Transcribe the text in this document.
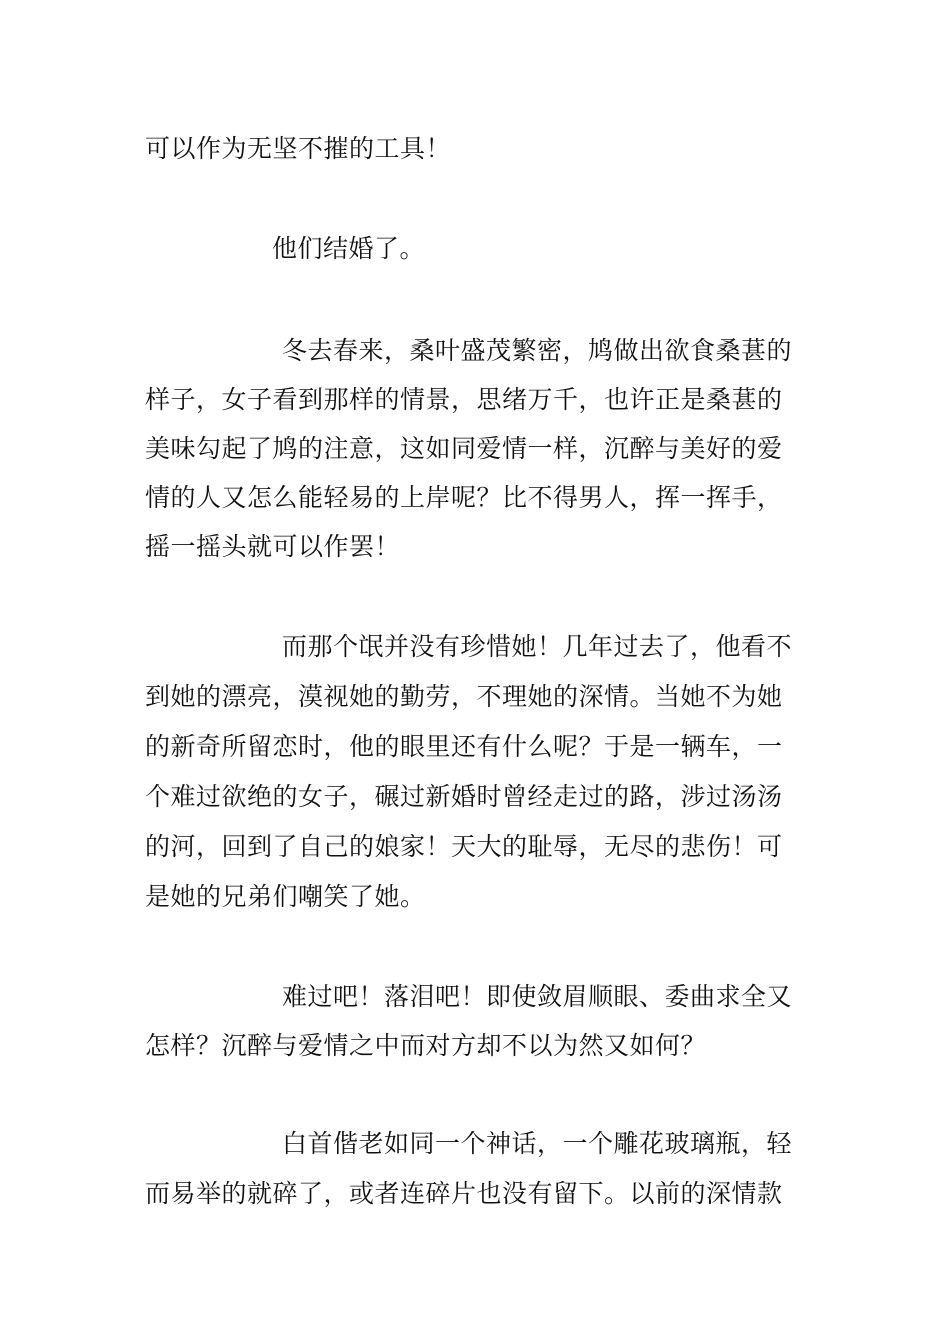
可以作为无坚不摧的工具！
他们结婚了。
冬去春来，桑叶盛茂繁密，鸠做出欲食桑葚的
样子，女子看到那样的情景，思绪万千，也许正是桑葚的
美味勾起了鸠的注意，这如同爱情一样，沉醉与美好的爱
情的人又怎么能轻易的上岸呢？比不得男人，挥一挥手，
摇一摇头就可以作罢！
而那个氓并没有珍惜她！几年过去了，他看不
到她的漂亮，漠视她的勤劳，不理她的深情。当她不为她
的新奇所留恋时，他的眼里还有什么呢？于是一辆车，一
个难过欲绝的女子，碾过新婚时曾经走过的路，涉过汤汤
的河，回到了自己的娘家！天大的耻辱，无尽的悲伤！可
是她的兄弟们嘲笑了她。
难过吧！落泪吧！即使敛眉顺眼、委曲求全又
怎样？沉醉与爱情之中而对方却不以为然又如何？
白首偕老如同一个神话，一个雕花玻璃瓶，轻
而易举的就碎了，或者连碎片也没有留下。以前的深情款
